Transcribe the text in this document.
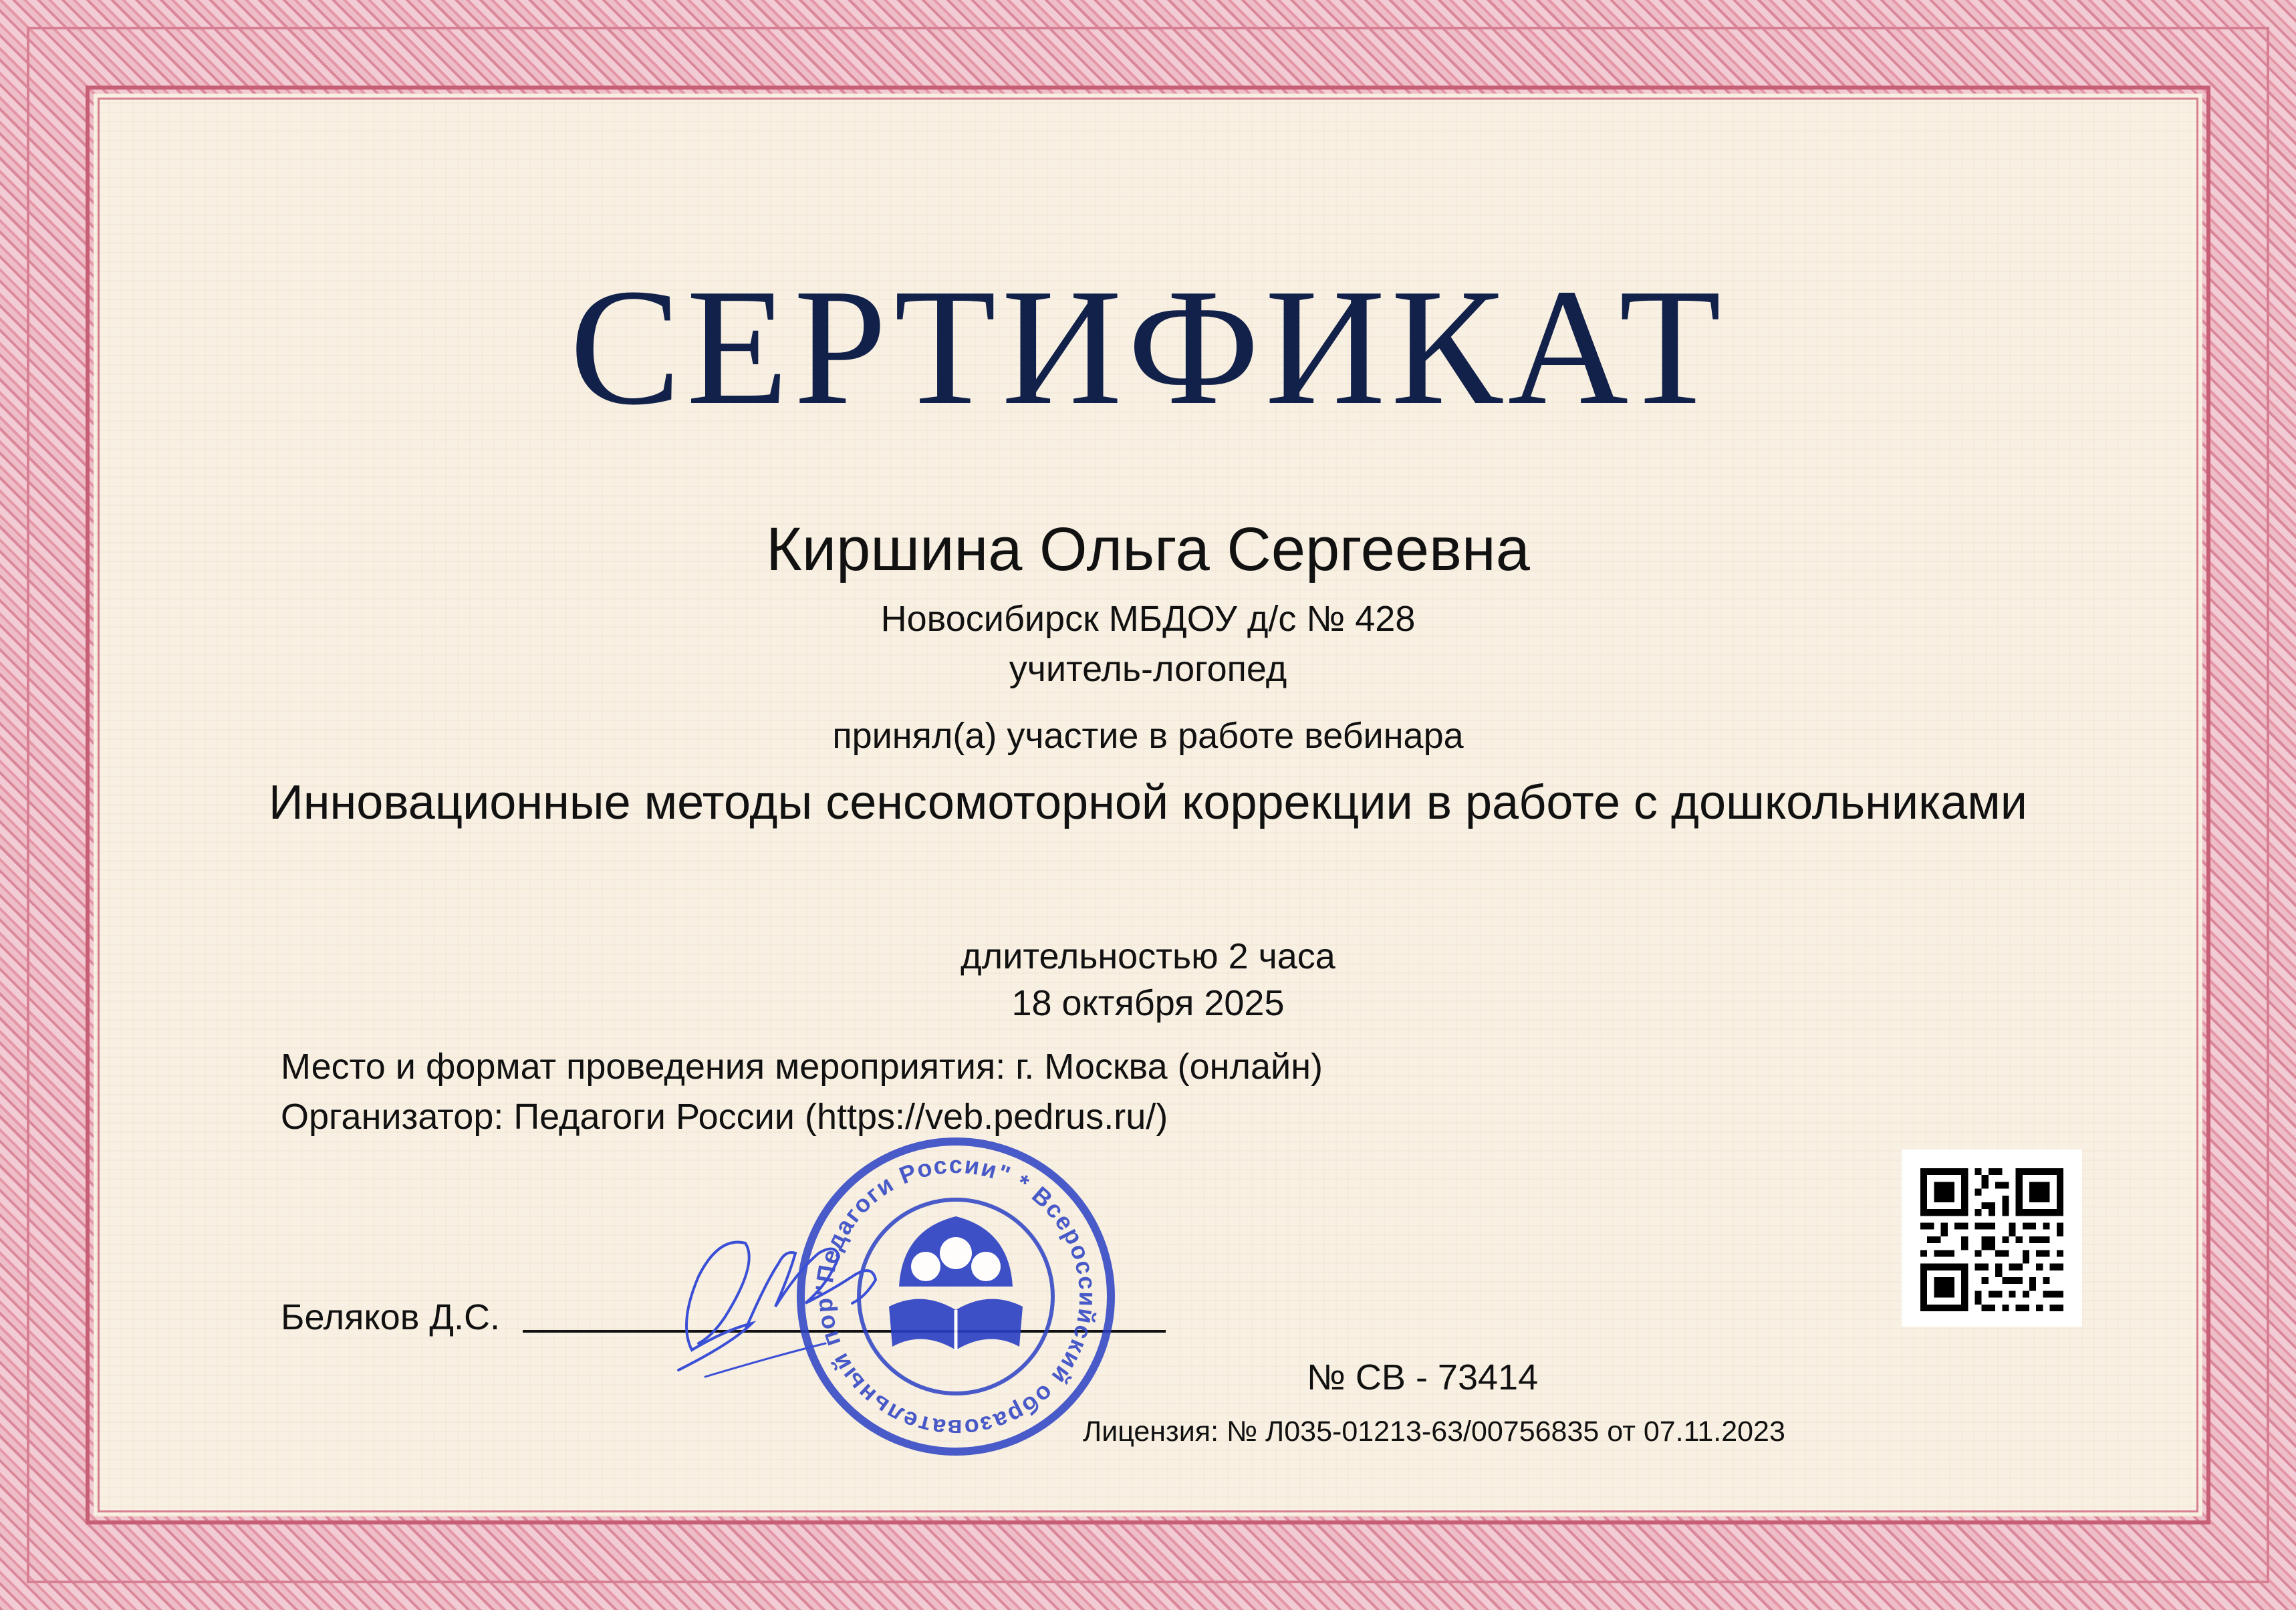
СЕРТИФИКАТ
Киршина Ольга Сергеевна
Новосибирск МБДОУ д/с № 428
учитель-логопед
принял(а) участие в работе вебинара
Инновационные методы сенсомоторной коррекции в работе с дошкольниками
длительностью 2 часа
18 октября 2025
Место и формат проведения мероприятия: г. Москва (онлайн)
Организатор: Педагоги России (https://veb.pedrus.ru/)
Беляков Д.С.
"Педагоги России" * Всероссийский образовательный пор
№ СВ - 73414
Лицензия: № Л035-01213-63/00756835 от 07.11.2023
